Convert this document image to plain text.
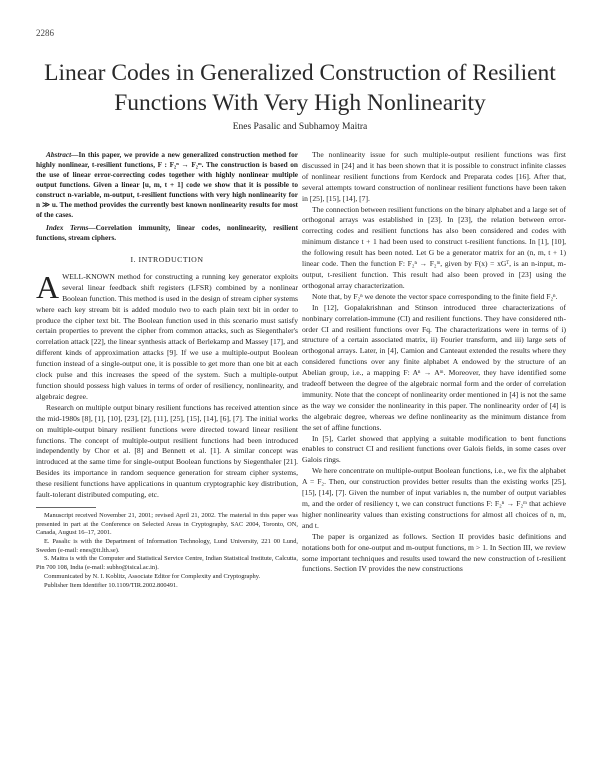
2286
Linear Codes in Generalized Construction of Resilient Functions With Very High Nonlinearity
Enes Pasalic and Subhamoy Maitra

Abstract—In this paper, we provide a new generalized construction method for highly nonlinear, t-resilient functions, F : F₂ⁿ → F₂ᵐ. The construction is based on the use of linear error-correcting codes together with highly nonlinear multiple output functions. Given a linear [u, m, t + 1] code we show that it is possible to construct n-variable, m-output, t-resilient functions with very high nonlinearity for n ≫ u. The method provides the currently best known nonlinearity results for most of the cases.

Index Terms—Correlation immunity, linear codes, nonlinearity, resilient functions, stream ciphers.

I. INTRODUCTION

AWELL-KNOWN method for constructing a running key generator exploits several linear feedback shift registers (LFSR) combined by a nonlinear Boolean function. This method is used in the design of stream cipher systems where each key stream bit is added modulo two to each plain text bit in order to produce the cipher text bit. The Boolean function used in this scenario must satisfy certain properties to prevent the cipher from common attacks, such as Siegenthaler's correlation attack [22], the linear synthesis attack of Berlekamp and Massey [17], and different kinds of approximation attacks [9]. If we use a multiple-output Boolean function instead of a single-output one, it is possible to get more than one bit at each clock pulse and this increases the speed of the system. Such a multiple-output function should possess high values in terms of order of resiliency, nonlinearity, and algebraic degree.

Research on multiple output binary resilient functions has received attention since the mid-1980s [8], [1], [10], [23], [2], [11], [25], [15], [14], [6], [7]. The initial works on multiple-output binary resilient functions were directed toward linear resilient functions. The concept of multiple-output resilient functions had been introduced independently by Chor et al. [8] and Bennett et al. [1]. A similar concept was introduced at the same time for single-output Boolean functions by Siegenthaler [21]. Besides its importance in random sequence generation for stream cipher systems, these resilient functions have applications in quantum cryptographic key distribution, fault-tolerant distributed computing, etc.

Manuscript received November 21, 2001; revised April 21, 2002. The material in this paper was presented in part at the Conference on Selected Areas in Cryptography, SAC 2004, Toronto, ON, Canada, August 16–17, 2001.

E. Pasalic is with the Department of Information Technology, Lund University, 221 00 Lund, Sweden (e-mail: enes@it.lth.se).

S. Maitra is with the Computer and Statistical Service Centre, Indian Statistical Institute, Calcutta, Pin 700 108, India (e-mail: subho@isical.ac.in).

Communicated by N. I. Koblitz, Associate Editor for Complexity and Cryptography.

Publisher Item Identifier 10.1109/TIR.2002.800491.

The nonlinearity issue for such multiple-output resilient functions was first discussed in [24] and it has been shown that it is possible to construct infinite classes of nonlinear resilient functions from Kerdock and Preparata codes [16]. After that, several attempts toward construction of nonlinear resilient functions have been taken in [25], [15], [14], [7].

The connection between resilient functions on the binary alphabet and a large set of orthogonal arrays was established in [23]. In [23], the relation between error-correcting codes and resilient functions has also been considered and codes with minimum distance t + 1 had been used to construct t-resilient functions. In [1], [10], the following result has been noted. Let G be a generator matrix for an (n, m, t + 1) linear code. Then the function F: F₂ⁿ → F₂ᵐ, given by F(x) = xGᵀ, is an n-input, m-output, t-resilient function. This result had also been proved in [23] using the orthogonal array characterization.

Note that, by F₂ⁿ we denote the vector space corresponding to the finite field F₂ⁿ.

In [12], Gopalakrishnan and Stinson introduced three characterizations of nonbinary correlation-immune (CI) and resilient functions. They have considered nth-order CI and resilient functions over Fq. The characterizations were in terms of i) structure of a certain associated matrix, ii) Fourier transform, and iii) large sets of orthogonal arrays. Later, in [4], Camion and Canteaut extended the results where they considered functions over any finite alphabet A endowed by the structure of an Abelian group, i.e., a mapping F: Aⁿ → Aᵐ. Moreover, they have identified some tradeoff between the degree of the algebraic normal form and the order of correlation immunity. Note that the concept of nonlinearity order mentioned in [4] is not the same as the way we consider the nonlinearity in this paper. The nonlinearity order of [4] is the algebraic degree, whereas we define nonlinearity as the minimum distance from the set of affine functions.

In [5], Carlet showed that applying a suitable modification to bent functions enables to construct CI and resilient functions over Galois fields, in some cases over Galois rings.

We here concentrate on multiple-output Boolean functions, i.e., we fix the alphabet A = F₂. Then, our construction provides better results than the existing works [25], [15], [14], [7]. Given the number of input variables n, the number of output variables m, and the order of resiliency t, we can construct functions F: F₂ⁿ → F₂ᵐ that achieve higher nonlinearity values than existing constructions for almost all choices of n, m, and t.

The paper is organized as follows. Section II provides basic definitions and notations both for one-output and m-output functions, m > 1. In Section III, we review some important techniques and results used toward the new construction of t-resilient functions. Section IV provides the new constructions
